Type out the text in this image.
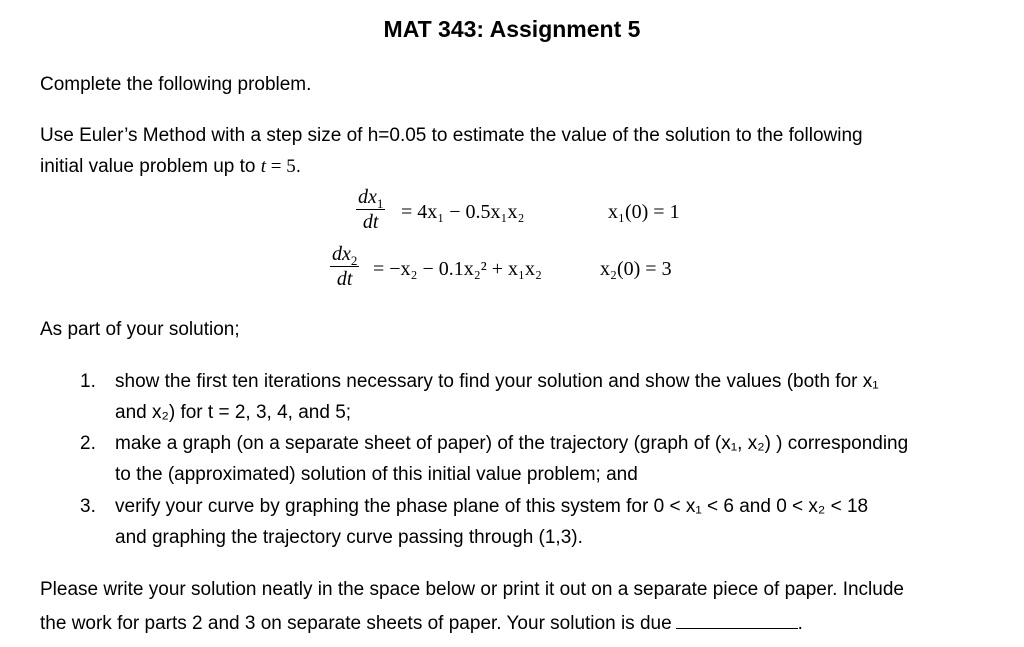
MAT 343: Assignment 5
Complete the following problem.
Use Euler’s Method with a step size of h=0.05 to estimate the value of the solution to the following
initial value problem up to t = 5.
$\frac{dx_1}{dt} = 4x_1 - 0.5x_1x_2$	x₁(0) = 1
$\frac{dx_2}{dt} = -x_2 - 0.1x_2^2 + x_1x_2$	x₂(0) = 3
As part of your solution;
1. show the first ten iterations necessary to find your solution and show the values (both for x₁
and x₂) for t = 2, 3, 4, and 5;
2. make a graph (on a separate sheet of paper) of the trajectory (graph of (x₁, x₂) ) corresponding
to the (approximated) solution of this initial value problem; and
3. verify your curve by graphing the phase plane of this system for 0 < x₁ < 6 and 0 < x₂ < 18
and graphing the trajectory curve passing through (1,3).
Please write your solution neatly in the space below or print it out on a separate piece of paper. Include
the work for parts 2 and 3 on separate sheets of paper. Your solution is due	.
